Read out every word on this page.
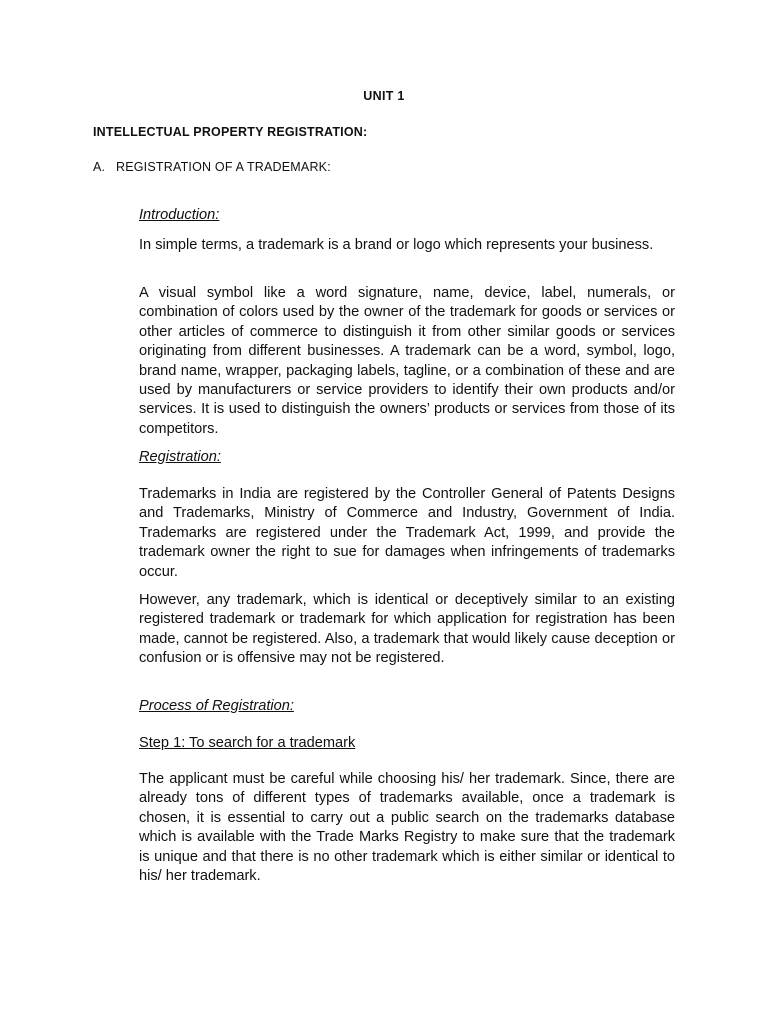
UNIT 1
INTELLECTUAL PROPERTY REGISTRATION:
A. REGISTRATION OF A TRADEMARK:
Introduction:

In simple terms, a trademark is a brand or logo which represents your business.

A visual symbol like a word signature, name, device, label, numerals, or combination of colors used by the owner of the trademark for goods or services or other articles of commerce to distinguish it from other similar goods or services originating from different businesses. A trademark can be a word, symbol, logo, brand name, wrapper, packaging labels, tagline, or a combination of these and are used by manufacturers or service providers to identify their own products and/or services. It is used to distinguish the owners’ products or services from those of its competitors.

Registration:

Trademarks in India are registered by the Controller General of Patents Designs and Trademarks, Ministry of Commerce and Industry, Government of India. Trademarks are registered under the Trademark Act, 1999, and provide the trademark owner the right to sue for damages when infringements of trademarks occur.

However, any trademark, which is identical or deceptively similar to an existing registered trademark or trademark for which application for registration has been made, cannot be registered. Also, a trademark that would likely cause deception or confusion or is offensive may not be registered.

Process of Registration:
Step 1: To search for a trademark

The applicant must be careful while choosing his/ her trademark. Since, there are already tons of different types of trademarks available, once a trademark is chosen, it is essential to carry out a public search on the trademarks database which is available with the Trade Marks Registry to make sure that the trademark is unique and that there is no other trademark which is either similar or identical to his/ her trademark.
